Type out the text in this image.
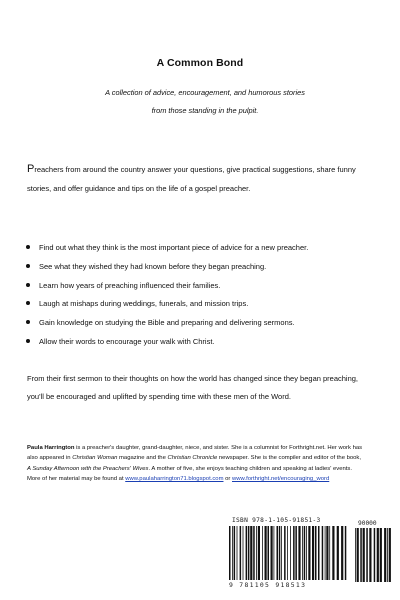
A Common Bond
A collection of advice, encouragement, and humorous stories
from those standing in the pulpit.
Preachers from around the country answer your questions, give practical suggestions, share funny stories, and offer guidance and tips on the life of a gospel preacher.
Find out what they think is the most important piece of advice for a new preacher.
See what they wished they had known before they began preaching.
Learn how years of preaching influenced their families.
Laugh at mishaps during weddings, funerals, and mission trips.
Gain knowledge on studying the Bible and preparing and delivering sermons.
Allow their words to encourage your walk with Christ.
From their first sermon to their thoughts on how the world has changed since they began preaching, you'll be encouraged and uplifted by spending time with these men of the Word.
Paula Harrington is a preacher's daughter, grand-daughter, niece, and sister. She is a columnist for Forthright.net. Her work has also appeared in Christian Woman magazine and the Christian Chronicle newspaper. She is the compiler and editor of the book, A Sunday Afternoon with the Preachers' Wives. A mother of five, she enjoys teaching children and speaking at ladies' events. More of her material may be found at www.paulaharrington71.blogspot.com or www.forthright.net/encouraging_word
ISBN 978-1-105-91851-3	90000
9 781105 918513
